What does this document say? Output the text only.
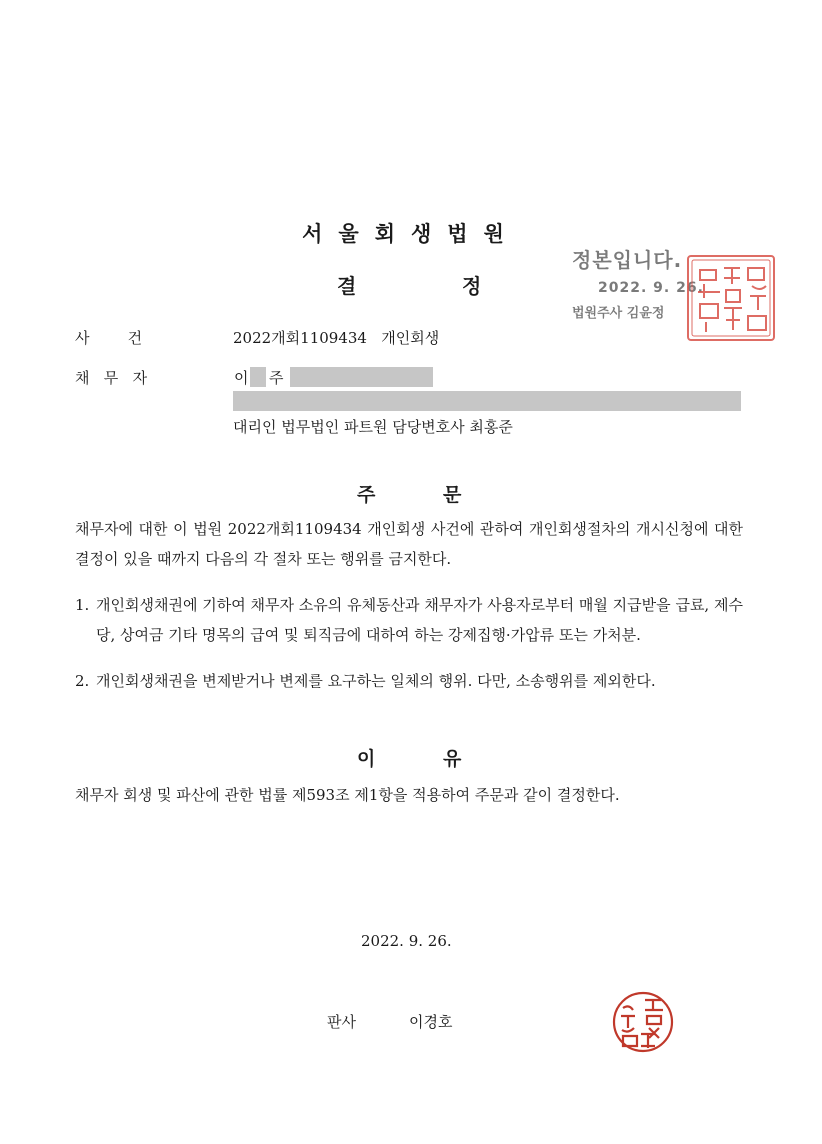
서울회생법원
결	정
정본입니다.
2022. 9. 26.
법원주사 김윤정
사        건	2022개회1109434   개인회생
채   무   자	이 주
대리인 법무법인 파트원 담당변호사 최홍준
주	문
채무자에 대한 이 법원 2022개회1109434 개인회생 사건에 관하여 개인회생절차의 개시신청에 대한 결정이 있을 때까지 다음의 각 절차 또는 행위를 금지한다.
1. 개인회생채권에 기하여 채무자 소유의 유체동산과 채무자가 사용자로부터 매월 지급받을 급료, 제수당, 상여금 기타 명목의 급여 및 퇴직금에 대하여 하는 강제집행·가압류 또는 가처분.
2. 개인회생채권을 변제받거나 변제를 요구하는 일체의 행위. 다만, 소송행위를 제외한다.
이	유
채무자 회생 및 파산에 관한 법률 제593조 제1항을 적용하여 주문과 같이 결정한다.
2022. 9. 26.
판사	이경호
